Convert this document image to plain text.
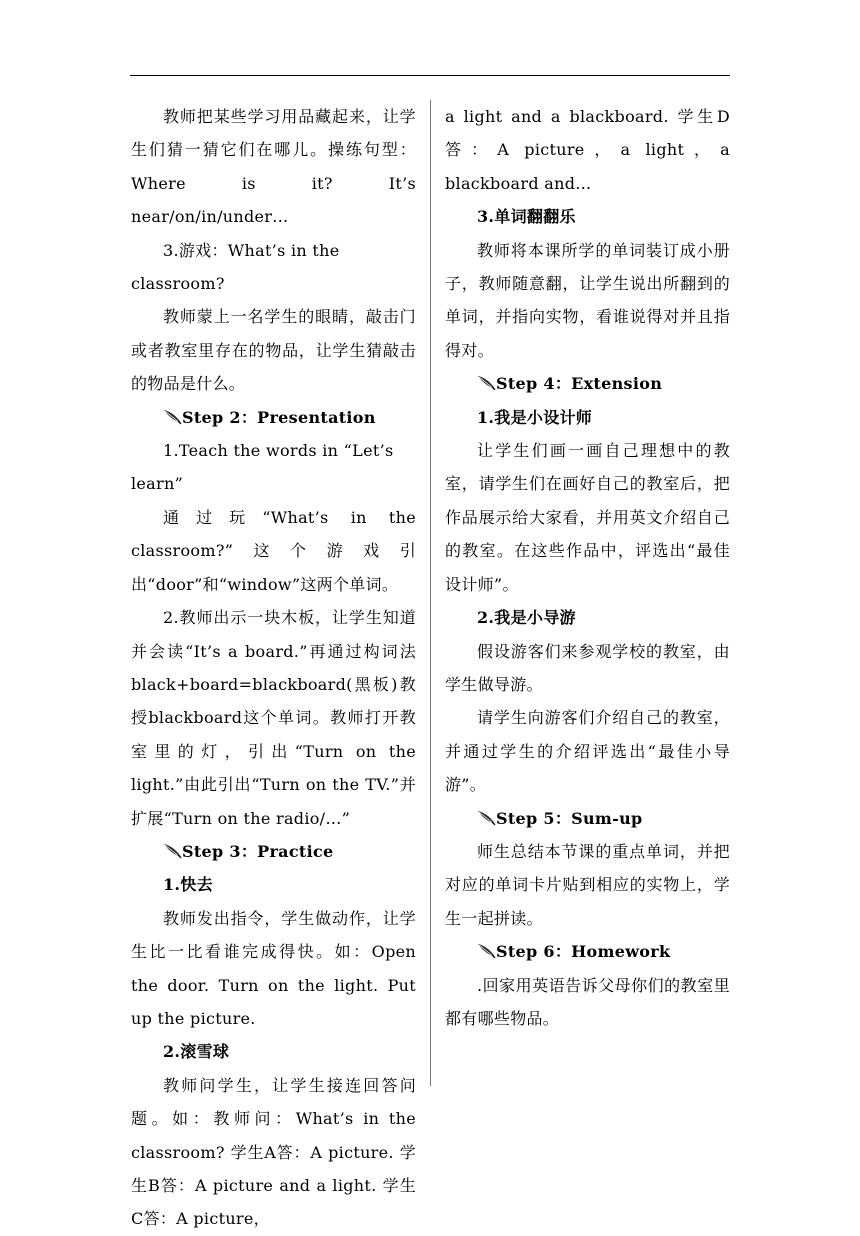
教师把某些学习用品藏起来，让学生们猜一猜它们在哪儿。操练句型：Where is it? It’s near/on/in/under…

3.游戏：What’s in the classroom?

教师蒙上一名学生的眼睛，敲击门或者教室里存在的物品，让学生猜敲击的物品是什么。

Step 2：Presentation

1.Teach the words in “Let’s learn”

通过玩“What’s in the classroom?”这个游戏引出“door”和“window”这两个单词。

2.教师出示一块木板，让学生知道并会读“It’s a board.”再通过构词法black+board=blackboard(黑板)教授blackboard这个单词。教师打开教室里的灯，引出“Turn on the light.”由此引出“Turn on the TV.”并扩展“Turn on the radio/…”

Step 3：Practice

1.快去

教师发出指令，学生做动作，让学生比一比看谁完成得快。如：Open the door. Turn on the light. Put up the picture.

2.滚雪球

教师问学生，让学生接连回答问题。如：教师问：What’s in the classroom? 学生A答：A picture. 学生B答：A picture and a light. 学生C答：A picture，

a light and a blackboard. 学生D答：A picture，a light，a blackboard and…

3.单词翻翻乐

教师将本课所学的单词装订成小册子，教师随意翻，让学生说出所翻到的单词，并指向实物，看谁说得对并且指得对。

Step 4：Extension

1.我是小设计师

让学生们画一画自己理想中的教室，请学生们在画好自己的教室后，把作品展示给大家看，并用英文介绍自己的教室。在这些作品中，评选出“最佳设计师”。

2.我是小导游

假设游客们来参观学校的教室，由学生做导游。

请学生向游客们介绍自己的教室，并通过学生的介绍评选出“最佳小导游”。

Step 5：Sum-up

师生总结本节课的重点单词，并把对应的单词卡片贴到相应的实物上，学生一起拼读。

Step 6：Homework

.回家用英语告诉父母你们的教室里都有哪些物品。
